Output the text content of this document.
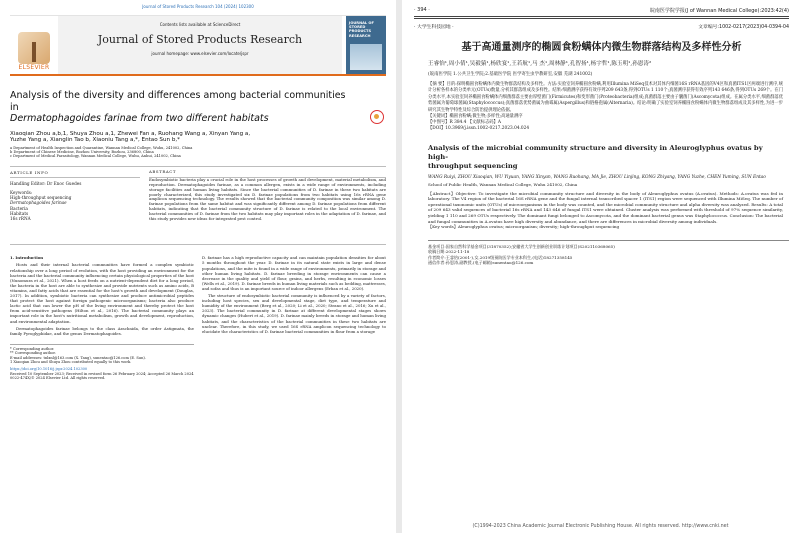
Journal of Stored Products Research 104 (2024) 102300

ELSEVIER

Contents lists available at ScienceDirect

Journal of Stored Products Research

journal homepage: www.elsevier.com/locate/jspr

JOURNAL OF STORED PRODUCTS RESEARCH

Analysis of the diversity and differences among bacterial communities in
Dermatophagoides farinae from two different habitats

Xiaoqian Zhou a,b,1, Shuya Zhou a,1, Zhewei Fan a, Ruohang Wang a, Xinyan Yang a,
Yuzhe Yang a, Xianglin Tao b, Xiaoniu Tang a,*, Entao Sun b,*

a Department of Health Inspection and Quarantine, Wannan Medical College, Wuhu, 241002, China

b Department of Chinese Medicine, Bozhou University, Bozhou, 236800, China

c Department of Medical Parasitology, Wannan Medical College, Wuhu, Anhui, 241002, China

ARTICLE INFO

Handling Editor: Dr Enoc Guedes

Keywords:

High-throughput sequencing

Dermatophagoides farinae

Bacteria

Habitats

16s rRNA

ABSTRACT

Endosymbiotic bacteria play a crucial role in the host processes of growth and development, material metabolism, and reproduction. Dermatophagoides farinae, as a common allergen, exists in a wide range of environments, including storage facilities and human living habitats. Since the bacterial communities of D. farinae in these two habitats are poorly characterized, this study investigated six D. farinae populations from two habitats using 16s rRNA gene amplicon sequencing technology. The results showed that the bacterial community composition was similar among D. farinae populations from the same habitat and was significantly different among D. farinae populations from different habitats, indicating that the bacterial community structure of D. farinae is related to the local environment. The bacterial communities of D. farinae from the two habitats may play important roles in the adaptation of D. farinae, and this study provides new ideas for integrated pest control.

1. Introduction

Hosts and their internal bacterial communities have formed a complex symbiotic relationship over a long period of evolution, with the host providing an environment for the bacteria and the bacterial community influencing certain physiological properties of the host (Nunomura et al., 2021). When a host feeds on a nutrient-dependent diet for a long period, the bacteria in the host are able to synthesize and provide nutrients such as amino acids, B vitamins, and fatty acids that are essential for the host's growth and development (Douglas, 2017). In addition, symbiotic bacteria can synthesize and produce antimicrobial peptides that protect the host against foreign pathogenic microorganisms; bacteria also produce lactic acid that can lower the pH of the living environment and thereby protect the host from acid-sensitive pathogens (Hilton et al., 2016). The bacterial community plays an important role in the host's nutritional metabolism, growth and development, reproduction, and environmental adaptation.

Dermatophagoides farinae belongs to the class Arachnida, the order Astigmata, the family Pyroglyphidae, and the genus Dermatophagoides.

* Corresponding author.

** Corresponding author.

E-mail addresses: tnlxnl@163.com (X. Tang), sunentao@126.com (E. Sun).

1 Xiaoqian Zhou and Shuya Zhou contributed equally to this work.

https://doi.org/10.1016/j.jspr.2024.102300

Received 10 September 2023; Received in revised form 26 February 2024; Accepted 26 March 2024

0022-474X/© 2024 Elsevier Ltd. All rights reserved.

D. farinae has a high reproductive capacity and can maintain population densities for about 5 months throughout the year. D. farinae in its natural state exists in large and dense populations, and the mite is found in a wide range of environments, primarily in storage and other human living habitats. D. farinae breeding in storage environments can cause a decrease in the quality and yield of flour, grains, and herbs, resulting in economic losses (Wells et al., 2019). D. farinae breeds in human living materials such as bedding, mattresses, and sofas and thus is an important source of indoor allergens (Erban et al., 2020).

The structure of endosymbiotic bacterial community is influenced by a variety of factors, including host species, sex and developmental stage, diet type, and temperature and humidity of the environment (Berg et al., 2020; Li et al., 2020; Strano et al., 2016; Xu et al., 2023). The bacterial community in D. farinae at different developmental stages shows dynamic changes (Hubert et al., 2019). D. farinae mainly breeds in storage and human living habitats, and the characteristics of the bacterial communities in these two habitats are unclear. Therefore, in this study, we used 16S rRNA amplicon sequencing technology to elucidate the characteristics of D. farinae bacterial communities in flour from a storage

· 394 ·	皖南医学院学报(J of Wannan Medical College):2023:42(4)
· 大学生科技园地 ·	文章编号:1002-0217(2023)04-0394-04

基于高通量测序的椭圆食粉螨体内微生物群落结构及多样性分析

王睿怡¹,周小倩¹,吴毅猿¹,杨欣宴¹,王若航¹,马 杰¹,周林静¹,孔智扬¹,杨宇哲¹,陈玉明¹,孙恩涛²

(皖南医学院 1.公共卫生学院;2.基础医学院 医学寄生虫学教研室,安徽 芜湖 241002)

【摘 要】目的:探明椭圆食粉螨体内微生物群落结构及多样性。方法:实验室饲养椭圆食粉螨,利用Illumina MiSeq技术对其体内细菌16S rRNA基因的V4区和真菌ITS1区两端进行测序,统计分析各样本的分类单元(OTUs)数量,分析其群落组成及多样性。结果:细菌测序获得有效序列209 643条,得到OTUs 1 110个;真菌测序获得有效序列143 646条,得到OTUs 269个。在门分类水平,本实验室饲养椭圆食粉螨体内细菌群落主要由厚壁菌门(Firmicutes)和变形菌门(Proteobacteria)组成;真菌群落主要由子囊菌门(Ascomycota)组成。在属分类水平,细菌群落优势菌属为葡萄球菌属(Staphylococcus);真菌群落优势菌属为曲霉属(Aspergillus)和链格孢属(Alternaria)。结论:明确了实验室饲养椭圆食粉螨体内微生物群落组成及其多样性,为进一步研究其生物学特性及综合防治提供理论依据。

【关键词】椭圆食粉螨;微生物;多样性;高通量测序

【中图号】R 384.4 【文献标志码】A

【DOI】10.3969/j.issn.1002-0217.2023.04.024

Analysis of the microbial community structure and diversity in Aleuroglyphus ovatus by high-
throughput sequencing

WANG Ruiyi, ZHOU Xiaoqian, WU Yiyuan, YANG Xinyan, WANG Ruohang, MA Jie, ZHOU Linjing, KONG Zhiyang, YANG Yuzhe, CHEN Yuming, SUN Entao

School of Public Health, Wannan Medical College, Wuhu 241002, China

【Abstract】Objective: To investigate the microbial community structure and diversity in the body of Aleuroglyphus ovatus (A.ovatus). Methods: A.ovatus was fed in laboratory. The V4 region of the bacterial 16S rRNA gene and the fungal internal transcribed spacer 1 (ITS1) region were sequenced with Illumina MiSeq. The number of operational taxonomic units (OTUs) of microorganisms in the body was counted, and the microbial community structure and alpha diversity was analyzed. Results: A total of 209 643 valid sequences of bacterial 16s rRNA and 143 646 of fungal ITS1 were obtained. Cluster analysis was performed with threshold of 97% sequence similarity, yielding 1 110 and 269 OTUs respectively. The dominant fungi belonged to Ascomycota, and the dominant bacterial genus was Staphylococcus. Conclusion: The bacterial and fungal communities in A.ovatus have high diversity and abundance, and there are differences in microbial diversity among individuals.

【Key words】Aleuroglyphus ovatus; microorganism; diversity; high-throughput sequencing

基金项目:国家自然科学基金项目(31870352);安徽省大学生创新创业训练计划项目(S202110368065)

收稿日期:2022-11-18

作者简介:王睿怡(2001-),女,2019级预防医学专业本科生,(电话)18271358145

通信作者:孙恩涛,副教授,(电子邮箱)sunentao@126.com

(C)1994-2023 China Academic Journal Electronic Publishing House. All rights reserved. http://www.cnki.net
